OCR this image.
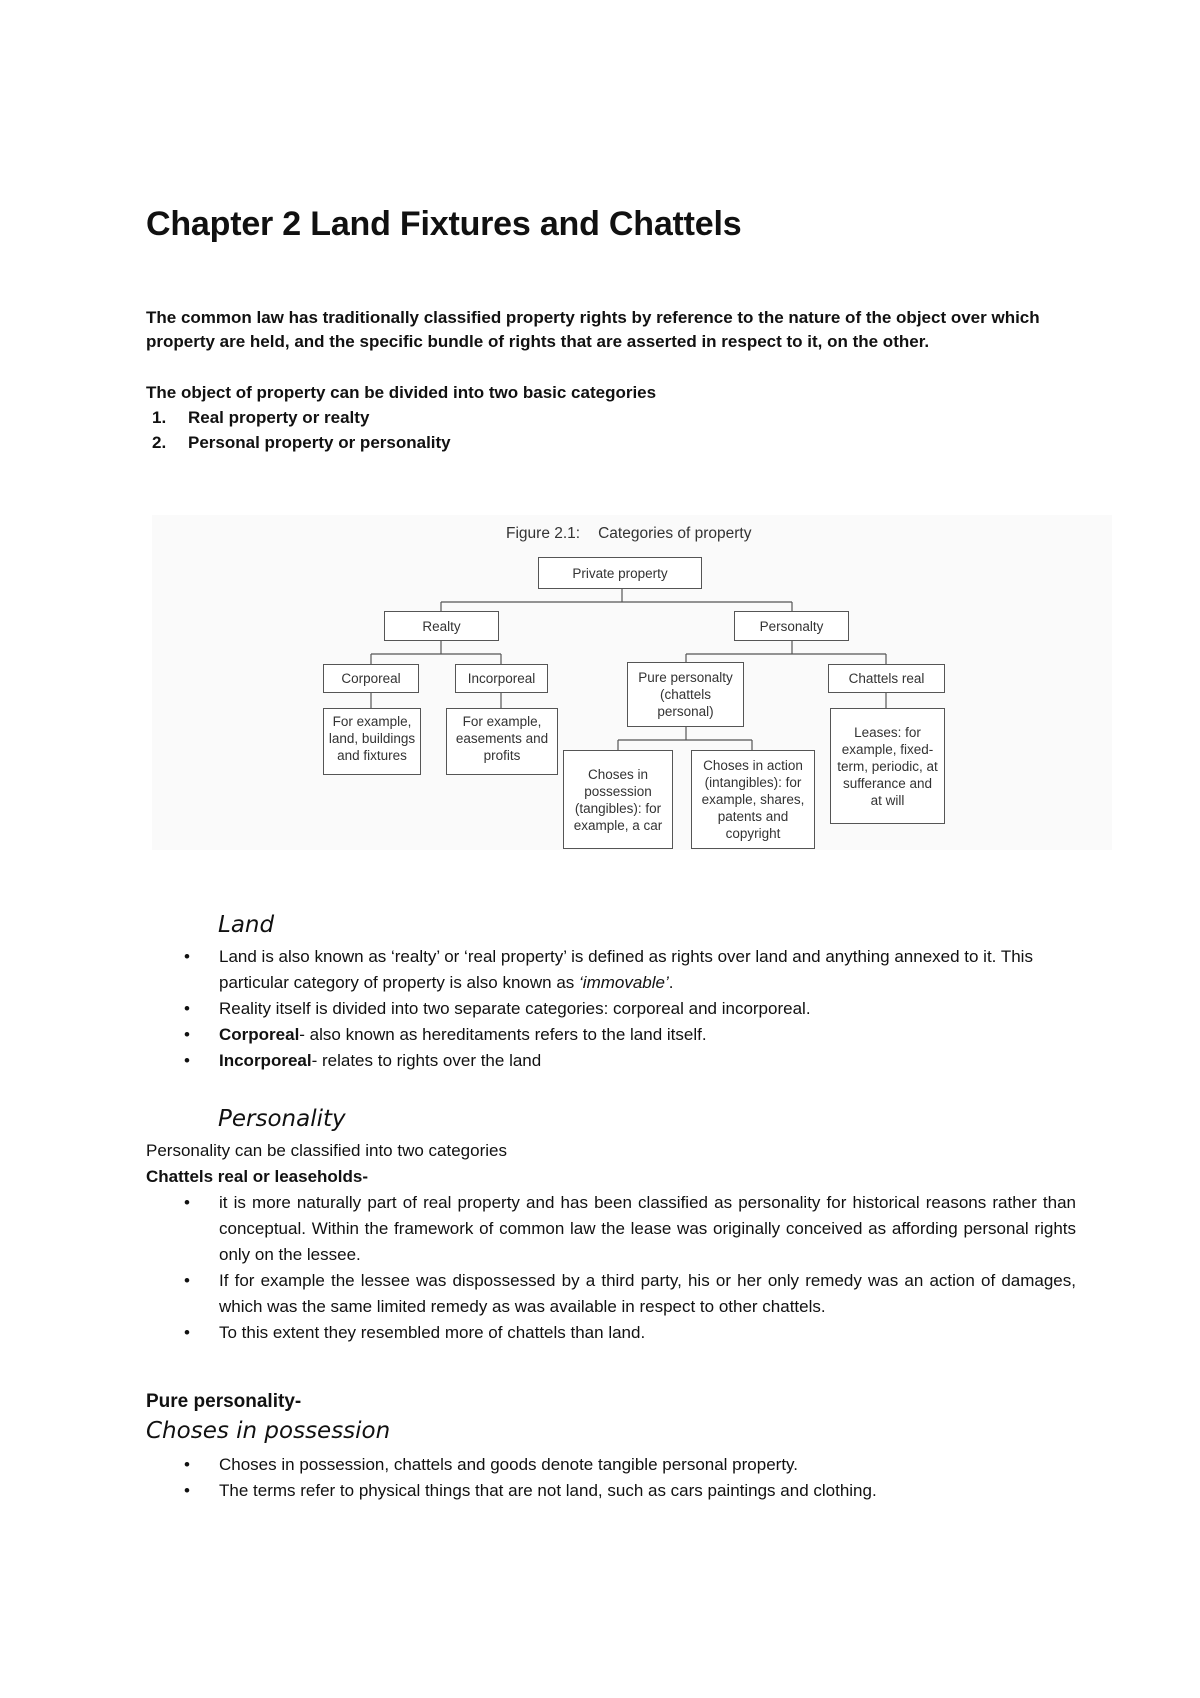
Chapter 2 Land Fixtures and Chattels
The common law has traditionally classified property rights by reference to the nature of the object over which property are held, and the specific bundle of rights that are asserted in respect to it, on the other.
The object of property can be divided into two basic categories
1. Real property or realty
2. Personal property or personality
Figure 2.1: Categories of property
Private property
Realty	Personalty
Corporeal	Incorporeal	Pure personalty (chattels personal)
Chattels real
For example, land, buildings and fixtures
For example, easements and profits
Leases: for example, fixed-term, periodic, at sufferance and at will
Choses in possession (tangibles): for example, a car
Choses in action (intangibles): for example, shares, patents and copyright
Land
• Land is also known as ‘realty’ or ‘real property’ is defined as rights over land and anything annexed to it. This particular category of property is also known as ‘immovable’.
• Reality itself is divided into two separate categories: corporeal and incorporeal.
• Corporeal- also known as hereditaments refers to the land itself.
• Incorporeal- relates to rights over the land
Personality
Personality can be classified into two categories
Chattels real or leaseholds-
• it is more naturally part of real property and has been classified as personality for historical reasons rather than conceptual. Within the framework of common law the lease was originally conceived as affording personal rights only on the lessee.
• If for example the lessee was dispossessed by a third party, his or her only remedy was an action of damages, which was the same limited remedy as was available in respect to other chattels.
• To this extent they resembled more of chattels than land.
Pure personality-
Choses in possession
• Choses in possession, chattels and goods denote tangible personal property.
• The terms refer to physical things that are not land, such as cars paintings and clothing.
